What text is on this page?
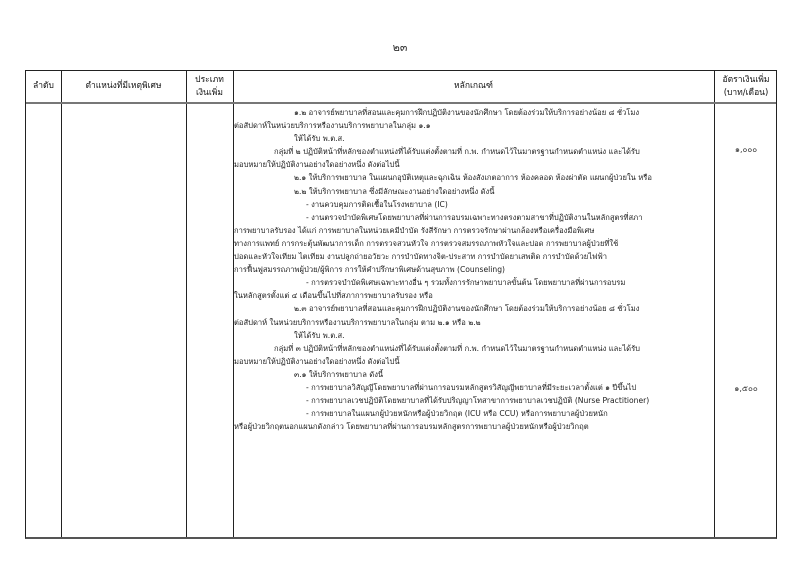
๒๓
ลำดับ	ตำแหน่งที่มีเหตุพิเศษ
ประเภท
เงินเพิ่ม
หลักเกณฑ์
อัตราเงินเพิ่ม
(บาท/เดือน)
๑.๒ อาจารย์พยาบาลที่สอนและคุมการฝึกปฏิบัติงานของนักศึกษา โดยต้องร่วมให้บริการอย่างน้อย ๘ ชั่วโมง
ต่อสัปดาห์ในหน่วยบริการหรืองานบริการพยาบาลในกลุ่ม ๑.๑
ให้ได้รับ พ.ต.ส.
กลุ่มที่ ๒ ปฏิบัติหน้าที่หลักของตำแหน่งที่ได้รับแต่งตั้งตามที่ ก.พ. กำหนดไว้ในมาตรฐานกำหนดตำแหน่ง และได้รับ
มอบหมายให้ปฏิบัติงานอย่างใดอย่างหนึ่ง ดังต่อไปนี้
๒.๑ ให้บริการพยาบาล ในแผนกอุบัติเหตุและฉุกเฉิน ห้องสังเกตอาการ ห้องคลอด ห้องผ่าตัด แผนกผู้ป่วยใน หรือ
๒.๒ ให้บริการพยาบาล ซึ่งมีลักษณะงานอย่างใดอย่างหนึ่ง ดังนี้
- งานควบคุมการติดเชื้อในโรงพยาบาล (IC)
- งานตรวจบำบัดพิเศษโดยพยาบาลที่ผ่านการอบรมเฉพาะทางตรงตามสาขาที่ปฏิบัติงานในหลักสูตรที่สภา
การพยาบาลรับรอง ได้แก่ การพยาบาลในหน่วยเคมีบำบัด รังสีรักษา การตรวจรักษาผ่านกล้องหรือเครื่องมือพิเศษ
ทางการแพทย์ การกระตุ้นพัฒนาการเด็ก การตรวจสวนหัวใจ การตรวจสมรรถภาพหัวใจและปอด การพยาบาลผู้ป่วยที่ใช้
ปอดและหัวใจเทียม ไตเทียม งานปลูกถ่ายอวัยวะ การบำบัดทางจิต-ประสาท การบำบัดยาเสพติด การบำบัดด้วยไฟฟ้า
การฟื้นฟูสมรรถภาพผู้ป่วย/ผู้พิการ การให้คำปรึกษาพิเศษด้านสุขภาพ (Counseling)
- การตรวจบำบัดพิเศษเฉพาะทางอื่น ๆ รวมทั้งการรักษาพยาบาลขั้นต้น โดยพยาบาลที่ผ่านการอบรม
ในหลักสูตรตั้งแต่ ๔ เดือนขึ้นไปที่สภาการพยาบาลรับรอง หรือ
๒.๓ อาจารย์พยาบาลที่สอนและคุมการฝึกปฏิบัติงานของนักศึกษา โดยต้องร่วมให้บริการอย่างน้อย ๘ ชั่วโมง
ต่อสัปดาห์ ในหน่วยบริการหรืองานบริการพยาบาลในกลุ่ม ตาม ๒.๑ หรือ ๒.๒
ให้ได้รับ พ.ต.ส.
กลุ่มที่ ๓ ปฏิบัติหน้าที่หลักของตำแหน่งที่ได้รับแต่งตั้งตามที่ ก.พ. กำหนดไว้ในมาตรฐานกำหนดตำแหน่ง และได้รับ
มอบหมายให้ปฏิบัติงานอย่างใดอย่างหนึ่ง ดังต่อไปนี้
๓.๑ ให้บริการพยาบาล ดังนี้
- การพยาบาลวิสัญญีโดยพยาบาลที่ผ่านการอบรมหลักสูตรวิสัญญีพยาบาลที่มีระยะเวลาตั้งแต่ ๑ ปีขึ้นไป
- การพยาบาลเวชปฏิบัติโดยพยาบาลที่ได้รับปริญญาโทสาขาการพยาบาลเวชปฏิบัติ (Nurse Practitioner)
- การพยาบาลในแผนกผู้ป่วยหนักหรือผู้ป่วยวิกฤต (ICU หรือ CCU) หรือการพยาบาลผู้ป่วยหนัก
หรือผู้ป่วยวิกฤตนอกแผนกดังกล่าว โดยพยาบาลที่ผ่านการอบรมหลักสูตรการพยาบาลผู้ป่วยหนักหรือผู้ป่วยวิกฤต
๑,๐๐๐
๑,๕๐๐
